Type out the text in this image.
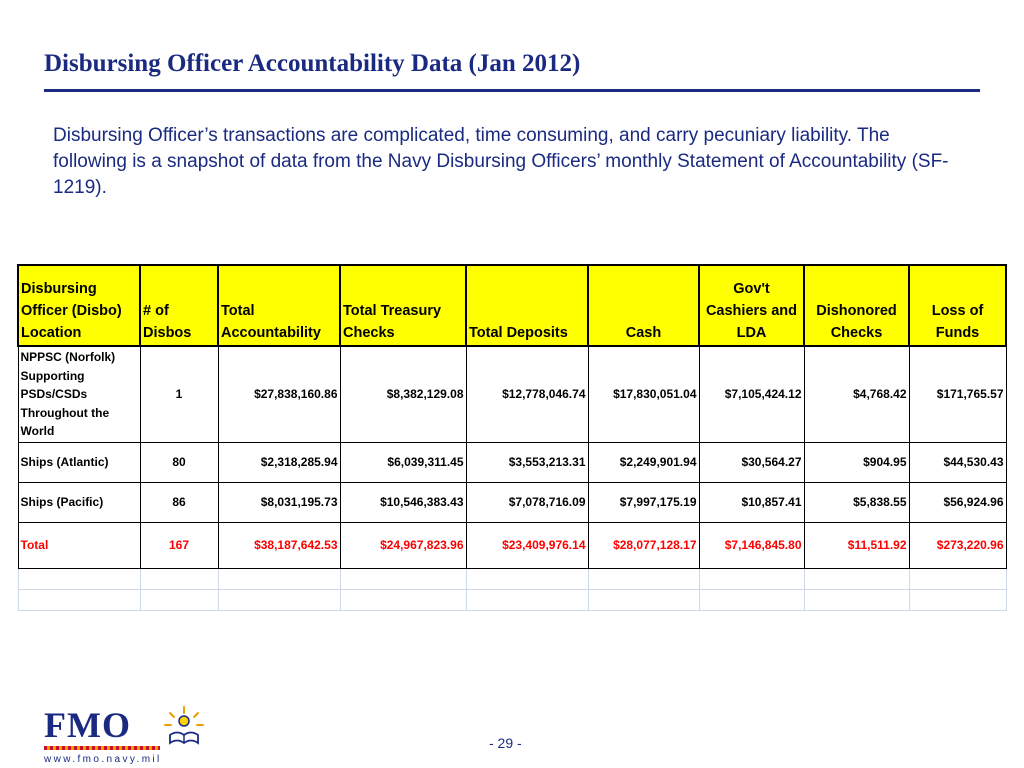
Disbursing Officer Accountability Data (Jan 2012)
Disbursing Officer’s transactions are complicated, time consuming, and carry pecuniary liability. The following is a snapshot of data from the Navy Disbursing Officers’ monthly Statement of Accountability (SF-1219).
Disbursing Officer (Disbo) Location	# of Disbos	Total Accountability	Total Treasury Checks	Total Deposits	Cash	Gov't Cashiers and LDA	Dishonored Checks	Loss of Funds
NPPSC (Norfolk) Supporting PSDs/CSDs Throughout the World	1	$27,838,160.86	$8,382,129.08	$12,778,046.74	$17,830,051.04	$7,105,424.12	$4,768.42	$171,765.57
Ships (Atlantic)	80	$2,318,285.94	$6,039,311.45	$3,553,213.31	$2,249,901.94	$30,564.27	$904.95	$44,530.43
Ships (Pacific)	86	$8,031,195.73	$10,546,383.43	$7,078,716.09	$7,997,175.19	$10,857.41	$5,838.55	$56,924.96
Total	167	$38,187,642.53	$24,967,823.96	$23,409,976.14	$28,077,128.17	$7,146,845.80	$11,511.92	$273,220.96

FMO
www.fmo.navy.mil
- 29 -
